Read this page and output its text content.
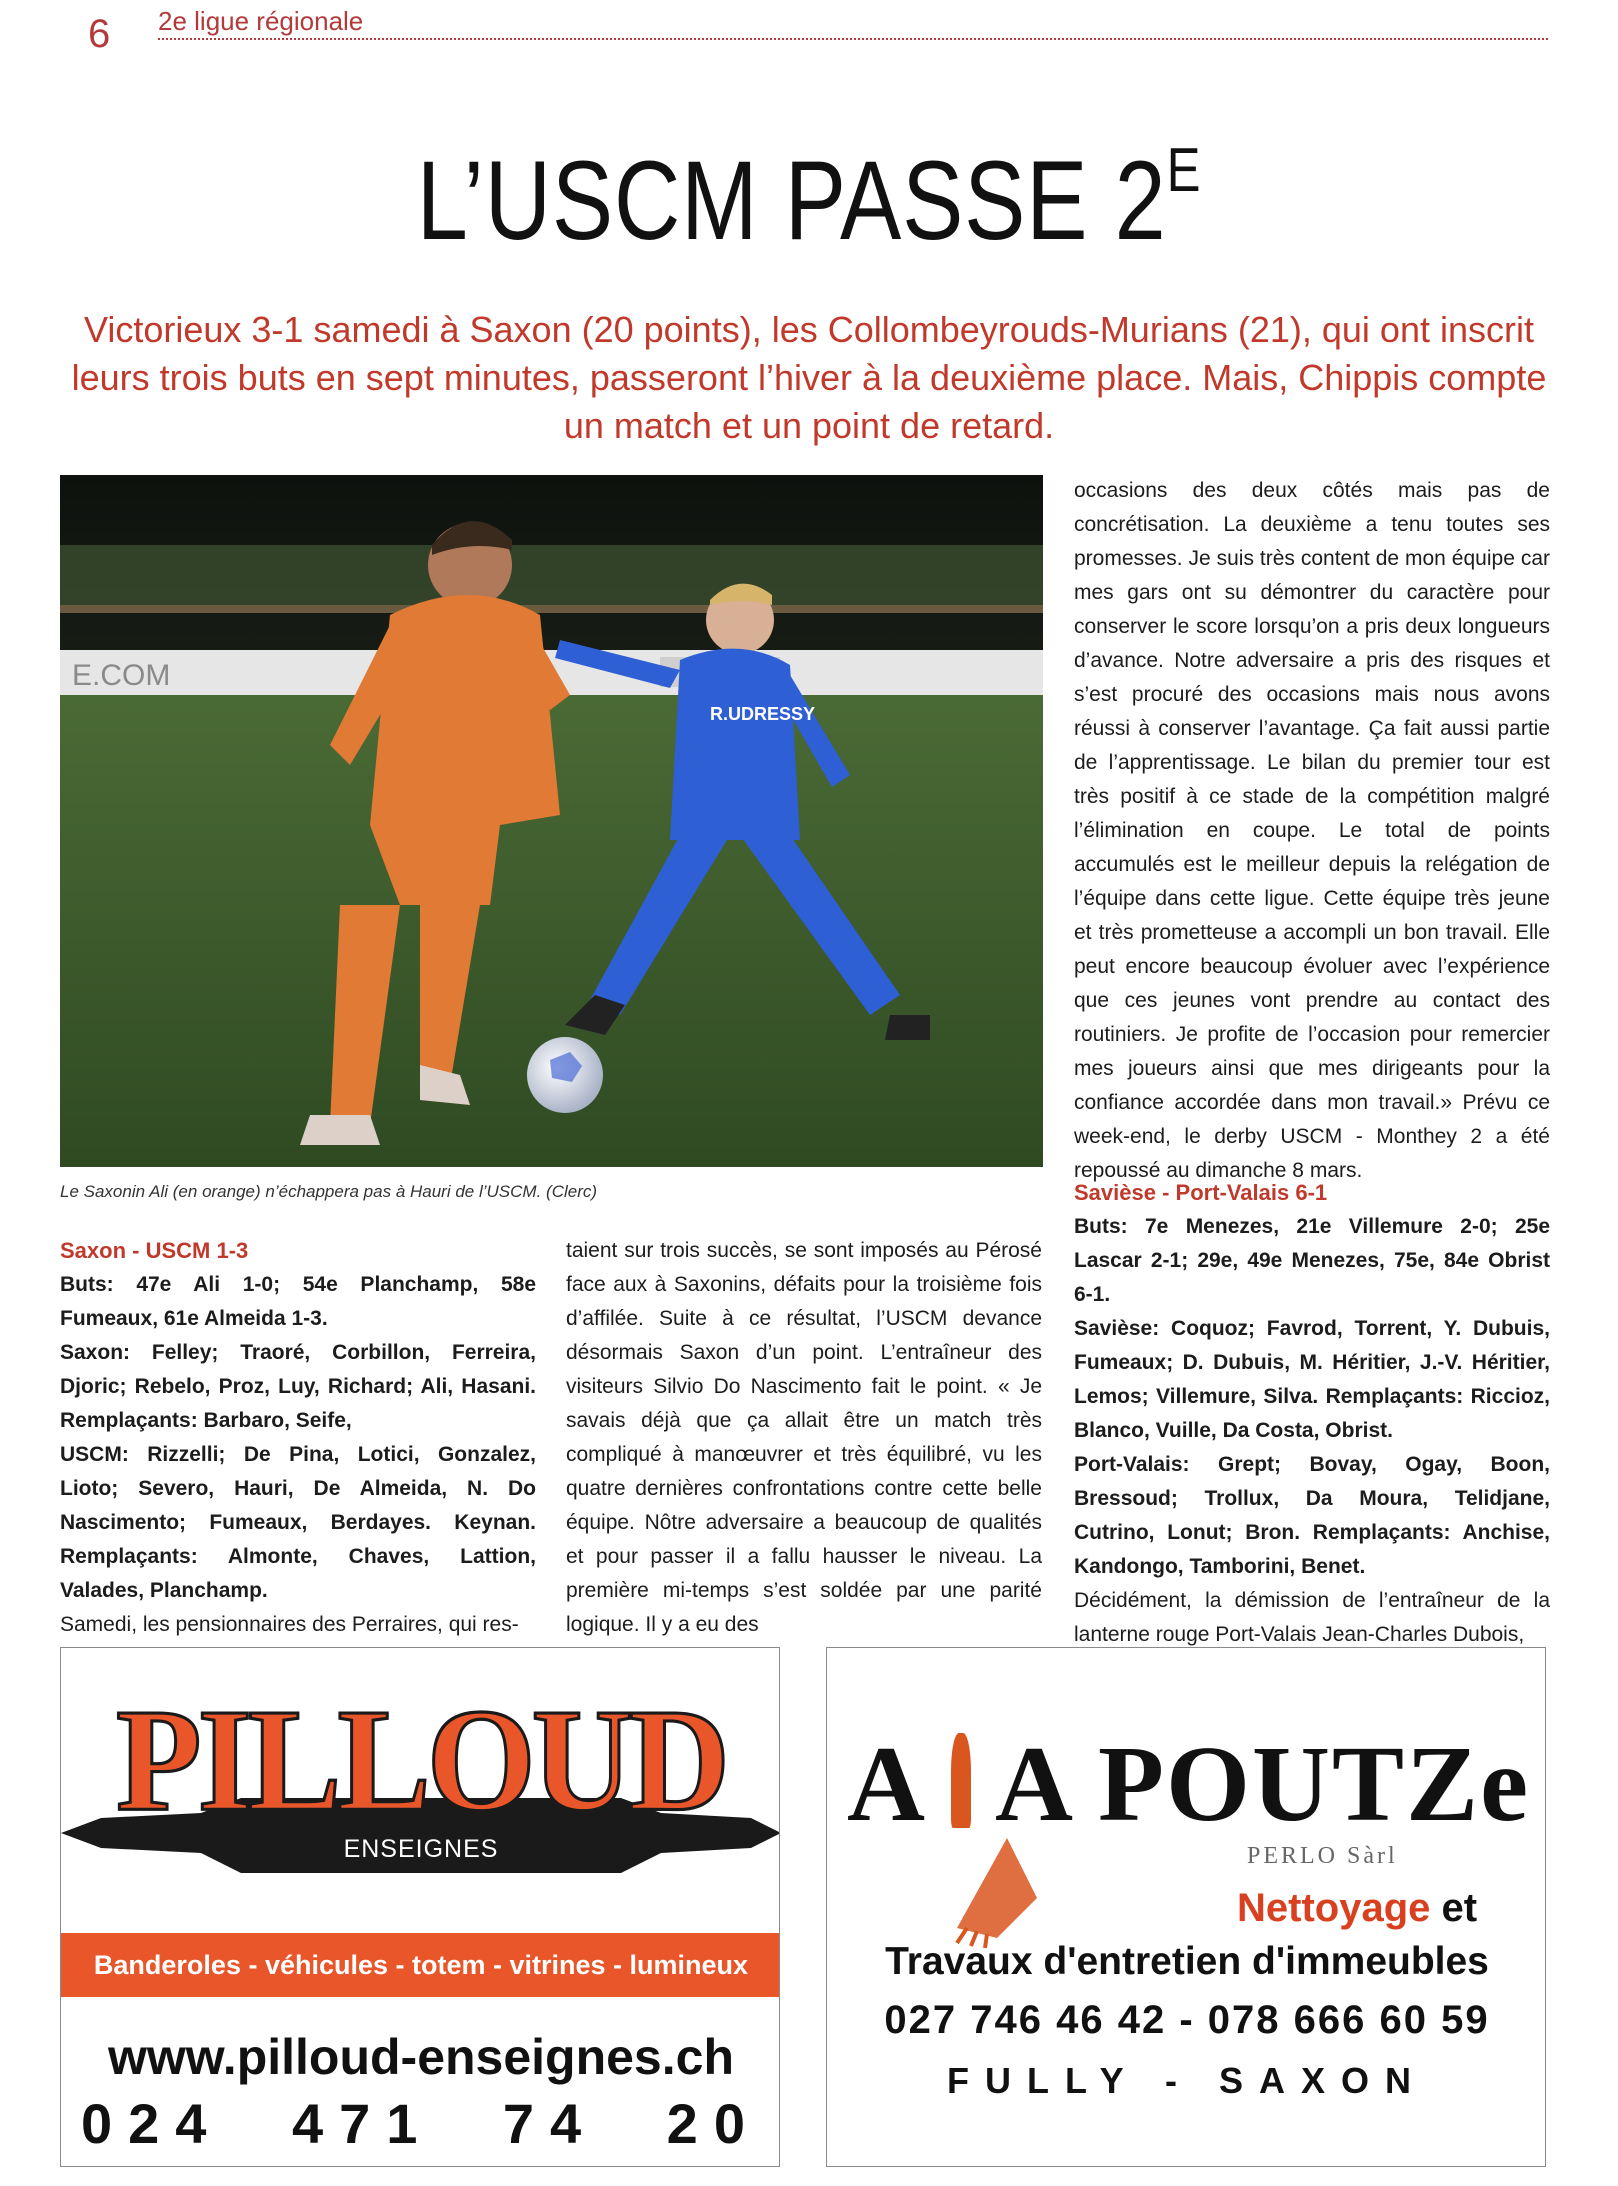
6 2e ligue régionale
L’USCM PASSE $2^E$

Victorieux 3-1 samedi à Saxon (20 points), les Collombeyrouds-Murians (21), qui ont inscrit leurs trois buts en sept minutes, passeront l’hiver à la deuxième place. Mais, Chippis compte un match et un point de retard.

E.COM
R.UDRESSY
Le Saxonin Ali (en orange) n’échappera pas à Hauri de l’USCM. (Clerc)

Saxon - USCM 1-3

Buts: 47e Ali 1-0; 54e Planchamp, 58e Fumeaux, 61e Almeida 1-3.

Saxon: Felley; Traoré, Corbillon, Ferreira, Djoric; Rebelo, Proz, Luy, Richard; Ali, Hasani. Remplaçants: Barbaro, Seife,

USCM: Rizzelli; De Pina, Lotici, Gonzalez, Lioto; Severo, Hauri, De Almeida, N. Do Nascimento; Fumeaux, Berdayes. Keynan. Remplaçants: Almonte, Chaves, Lattion, Valades, Planchamp.

Samedi, les pensionnaires des Perraires, qui res-

taient sur trois succès, se sont imposés au Pérosé face aux à Saxonins, défaits pour la troisième fois d’affilée. Suite à ce résultat, l’USCM devance désormais Saxon d’un point. L’entraîneur des visiteurs Silvio Do Nascimento fait le point. « Je savais déjà que ça allait être un match très compliqué à manœuvrer et très équilibré, vu les quatre dernières confrontations contre cette belle équipe. Nôtre adversaire a beaucoup de qualités et pour passer il a fallu hausser le niveau. La première mi-temps s’est soldée par une parité logique. Il y a eu des

occasions des deux côtés mais pas de concrétisation. La deuxième a tenu toutes ses promesses. Je suis très content de mon équipe car mes gars ont su démontrer du caractère pour conserver le score lorsqu’on a pris deux longueurs d’avance. Notre adversaire a pris des risques et s’est procuré des occasions mais nous avons réussi à conserver l’avantage. Ça fait aussi partie de l’apprentissage. Le bilan du premier tour est très positif à ce stade de la compétition malgré l’élimination en coupe. Le total de points accumulés est le meilleur depuis la relégation de l’équipe dans cette ligue. Cette équipe très jeune et très prometteuse a accompli un bon travail. Elle peut encore beaucoup évoluer avec l’expérience que ces jeunes vont prendre au contact des routiniers. Je profite de l’occasion pour remercier mes joueurs ainsi que mes dirigeants pour la confiance accordée dans mon travail.» Prévu ce week-end, le derby USCM - Monthey 2 a été repoussé au dimanche 8 mars.

Savièse - Port-Valais 6-1

Buts: 7e Menezes, 21e Villemure 2-0; 25e Lascar 2-1; 29e, 49e Menezes, 75e, 84e Obrist 6-1.

Savièse: Coquoz; Favrod, Torrent, Y. Dubuis, Fumeaux; D. Dubuis, M. Héritier, J.-V. Héritier, Lemos; Villemure, Silva. Remplaçants: Riccioz, Blanco, Vuille, Da Costa, Obrist.

Port-Valais: Grept; Bovay, Ogay, Boon, Bressoud; Trollux, Da Moura, Telidjane, Cutrino, Lonut; Bron. Remplaçants: Anchise, Kandongo, Tamborini, Benet.

Décidément, la démission de l’entraîneur de la lanterne rouge Port-Valais Jean-Charles Dubois,

PILLOUD
ENSEIGNES
Banderoles - véhicules - totem - vitrines - lumineux
www.pilloud-enseignes.ch
024 471 74 20
A A POUTZe
PERLO Sàrl
Nettoyage et
Travaux d'entretien d'immeubles
027 746 46 42 - 078 666 60 59
FULLY - SAXON
